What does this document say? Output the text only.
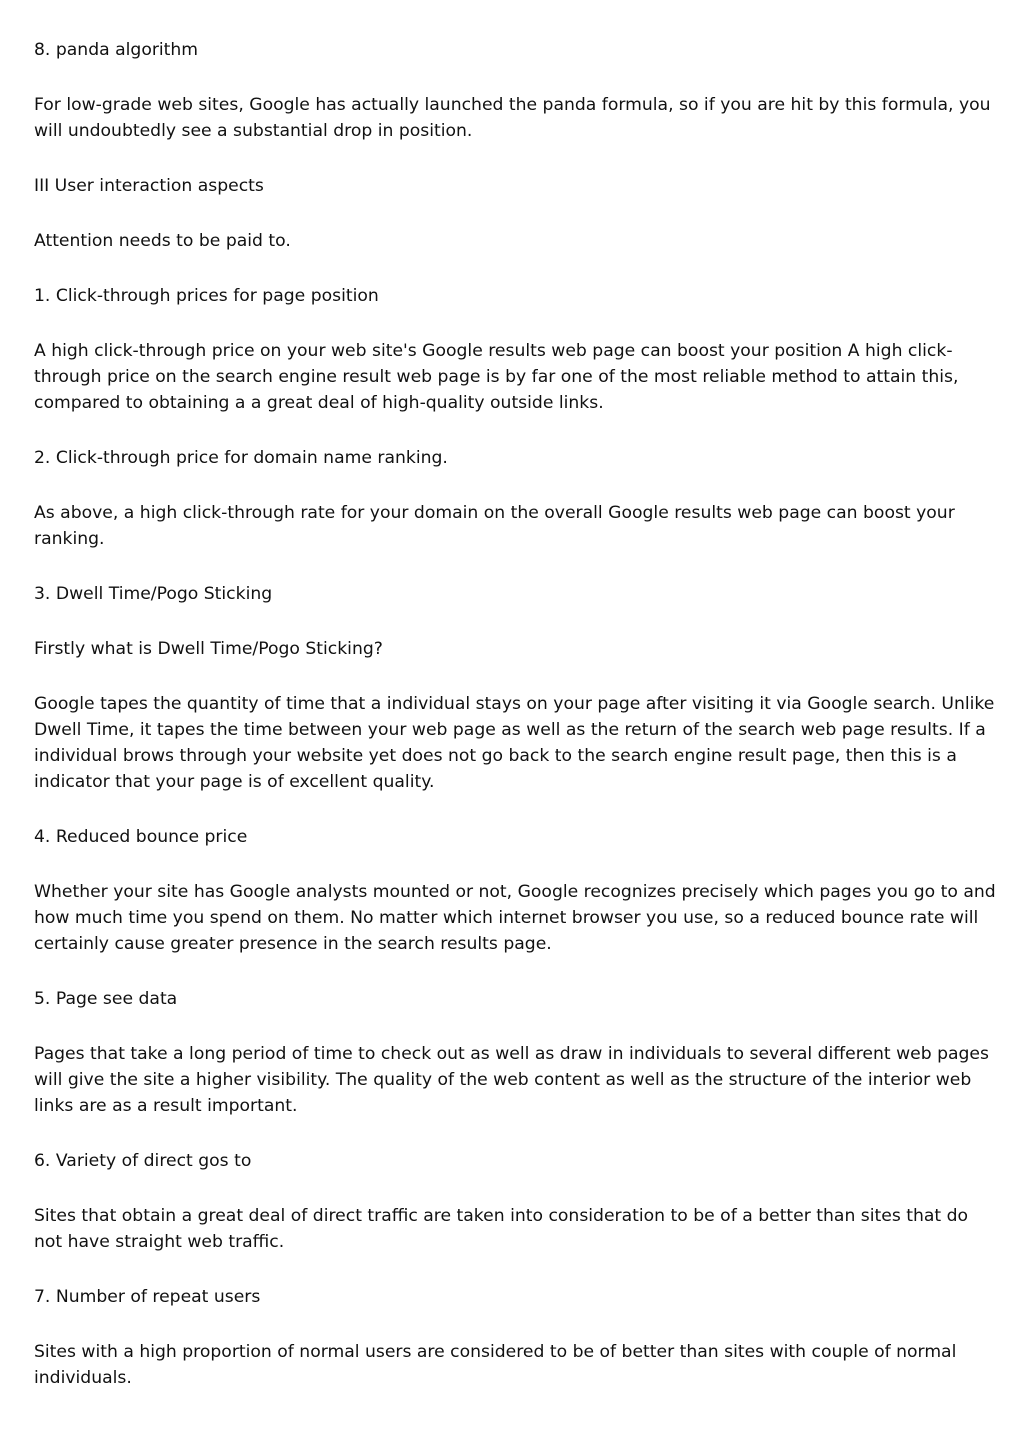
8. panda algorithm

For low-grade web sites, Google has actually launched the panda formula, so if you are hit by this formula, you will undoubtedly see a substantial drop in position.

III User interaction aspects

Attention needs to be paid to.

1. Click-through prices for page position

A high click-through price on your web site's Google results web page can boost your position A high click-through price on the search engine result web page is by far one of the most reliable method to attain this, compared to obtaining a a great deal of high-quality outside links.

2. Click-through price for domain name ranking.

As above, a high click-through rate for your domain on the overall Google results web page can boost your ranking.

3. Dwell Time/Pogo Sticking

Firstly what is Dwell Time/Pogo Sticking?

Google tapes the quantity of time that a individual stays on your page after visiting it via Google search. Unlike Dwell Time, it tapes the time between your web page as well as the return of the search web page results. If a individual brows through your website yet does not go back to the search engine result page, then this is a indicator that your page is of excellent quality.

4. Reduced bounce price

Whether your site has Google analysts mounted or not, Google recognizes precisely which pages you go to and how much time you spend on them. No matter which internet browser you use, so a reduced bounce rate will certainly cause greater presence in the search results page.

5. Page see data

Pages that take a long period of time to check out as well as draw in individuals to several different web pages will give the site a higher visibility. The quality of the web content as well as the structure of the interior web links are as a result important.

6. Variety of direct gos to

Sites that obtain a great deal of direct traffic are taken into consideration to be of a better than sites that do not have straight web traffic.

7. Number of repeat users

Sites with a high proportion of normal users are considered to be of better than sites with couple of normal individuals.
